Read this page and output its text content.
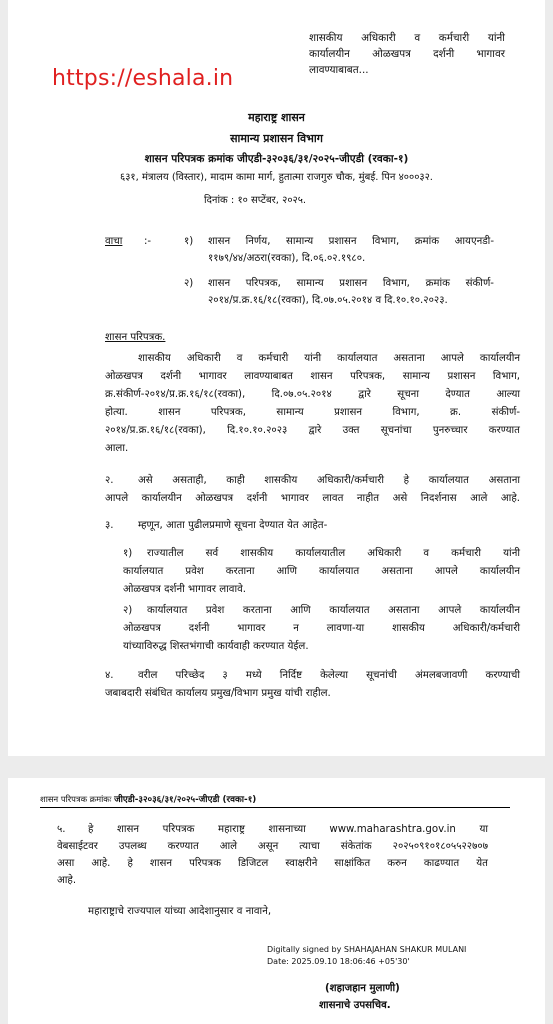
शासकीय अधिकारी व कर्मचारी यांनी
कार्यालयीन ओळखपत्र दर्शनी भागावर
लावण्याबाबत...
https://eshala.in
महाराष्ट्र शासन
सामान्य प्रशासन विभाग
शासन परिपत्रक क्रमांक जीएडी-३२०३६/३१/२०२५-जीएडी (रवका-१)
६३१, मंत्रालय (विस्तार), मादाम कामा मार्ग, हुतात्मा राजगुरु चौक, मुंबई. पिन ४०००३२.
दिनांक : १० सप्टेंबर, २०२५.
वाचा :-	१) शासन निर्णय, सामान्य प्रशासन विभाग, क्रमांक आयएनडी-
११७९/४४/अठरा(रवका), दि.०६.०२.१९८०.
२) शासन परिपत्रक, सामान्य प्रशासन विभाग, क्रमांक संकीर्ण-
२०१४/प्र.क्र.१६/१८(रवका), दि.०७.०५.२०१४ व दि.१०.१०.२०२३.
शासन परिपत्रक.
शासकीय अधिकारी व कर्मचारी यांनी कार्यालयात असताना आपले कार्यालयीन
ओळखपत्र दर्शनी भागावर लावण्याबाबत शासन परिपत्रक, सामान्य प्रशासन विभाग,
क्र.संकीर्ण-२०१४/प्र.क्र.१६/१८(रवका), दि.०७.०५.२०१४ द्वारे सूचना देण्यात आल्या
होत्या. शासन परिपत्रक, सामान्य प्रशासन विभाग, क्र. संकीर्ण-
२०१४/प्र.क्र.१६/१८(रवका), दि.१०.१०.२०२३ द्वारे उक्त सूचनांचा पुनरुच्चार करण्यात
आला.
२. असे असताही, काही शासकीय अधिकारी/कर्मचारी हे कार्यालयात असताना
आपले कार्यालयीन ओळखपत्र दर्शनी भागावर लावत नाहीत असे निदर्शनास आले आहे.
३. म्हणून, आता पुढीलप्रमाणे सूचना देण्यात येत आहेत-
१) राज्यातील सर्व शासकीय कार्यालयातील अधिकारी व कर्मचारी यांनी
कार्यालयात प्रवेश करताना आणि कार्यालयात असताना आपले कार्यालयीन
ओळखपत्र दर्शनी भागावर लावावे.
२) कार्यालयात प्रवेश करताना आणि कार्यालयात असताना आपले कार्यालयीन
ओळखपत्र दर्शनी भागावर न लावणा-या शासकीय अधिकारी/कर्मचारी
यांच्याविरुद्ध शिस्तभंगाची कार्यवाही करण्यात येईल.
४. वरील परिच्छेद ३ मध्ये निर्दिष्ट केलेल्या सूचनांची अंमलबजावणी करण्याची
जबाबदारी संबंधित कार्यालय प्रमुख/विभाग प्रमुख यांची राहील.
शासन परिपत्रक क्रमांकः जीएडी-३२०३६/३१/२०२५-जीएडी (रवका-१)
५. हे शासन परिपत्रक महाराष्ट्र शासनाच्या www.maharashtra.gov.in या
वेबसाईटवर उपलब्ध करण्यात आले असून त्याचा संकेतांक २०२५०९१०१८०५५२२७०७
असा आहे. हे शासन परिपत्रक डिजिटल स्वाक्षरीने साक्षांकित करुन काढण्यात येत
आहे.
महाराष्ट्राचे राज्यपाल यांच्या आदेशानुसार व नावाने,
Digitally signed by SHAHAJAHAN SHAKUR MULANI
Date: 2025.09.10 18:06:46 +05'30'
(शहाजहान मुलाणी)
शासनाचे उपसचिव.
